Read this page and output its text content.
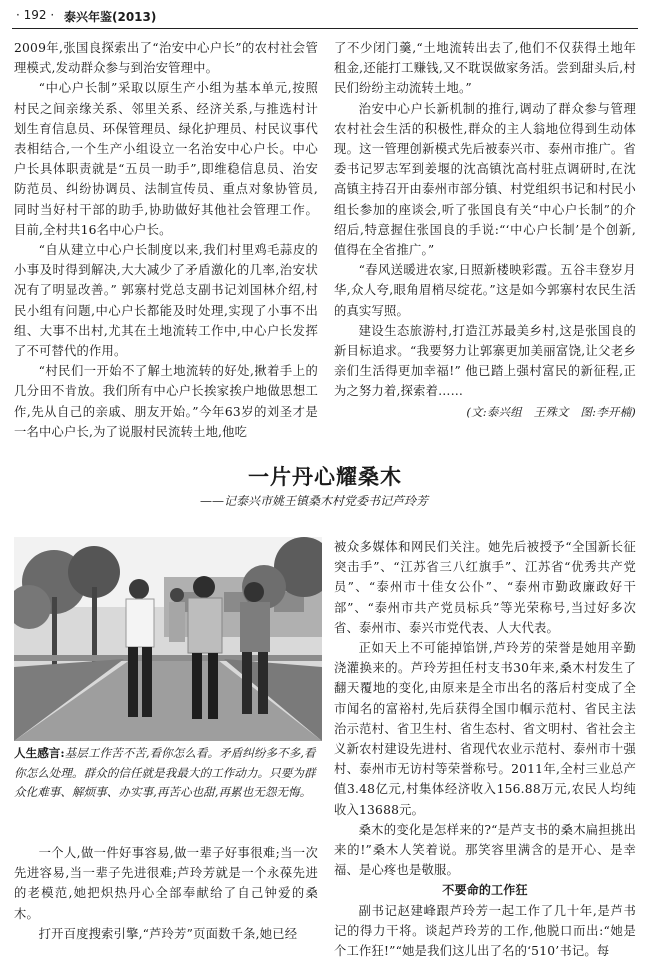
· 192 · 泰兴年鉴(2013)

2009年,张国良探索出了“治安中心户长”的农村社会管理模式,发动群众参与到治安管理中。

“中心户长制”采取以原生产小组为基本单元,按照村民之间亲缘关系、邻里关系、经济关系,与推选村计划生育信息员、环保管理员、绿化护理员、村民议事代表相结合,一个生产小组设立一名治安中心户长。中心户长具体职责就是“五员一助手”,即维稳信息员、治安防范员、纠纷协调员、法制宣传员、重点对象协管员,同时当好村干部的助手,协助做好其他社会管理工作。目前,全村共16名中心户长。

“自从建立中心户长制度以来,我们村里鸡毛蒜皮的小事及时得到解决,大大减少了矛盾激化的几率,治安状况有了明显改善。” 郭寨村党总支副书记刘国林介绍,村民小组有问题,中心户长都能及时处理,实现了小事不出组、大事不出村,尤其在土地流转工作中,中心户长发挥了不可替代的作用。

“村民们一开始不了解土地流转的好处,揪着手上的几分田不肯放。我们所有中心户长挨家挨户地做思想工作,先从自己的亲戚、朋友开始。”今年63岁的刘圣才是一名中心户长,为了说服村民流转土地,他吃

了不少闭门羹,“土地流转出去了,他们不仅获得土地年租金,还能打工赚钱,又不耽误做家务活。尝到甜头后,村民们纷纷主动流转土地。”

治安中心户长新机制的推行,调动了群众参与管理农村社会生活的积极性,群众的主人翁地位得到生动体现。这一管理创新模式先后被泰兴市、泰州市推广。省委书记罗志军到姜堰的沈高镇沈高村驻点调研时,在沈高镇主持召开由泰州市部分镇、村党组织书记和村民小组长参加的座谈会,听了张国良有关“中心户长制”的介绍后,特意握住张国良的手说:“‘中心户长制’是个创新,值得在全省推广。”

“春风送暖进农家,日照新楼映彩霞。五谷丰登岁月华,众人夸,眼角眉梢尽绽花。”这是如今郭寨村农民生活的真实写照。

建设生态旅游村,打造江苏最美乡村,这是张国良的新目标追求。“我要努力让郭寨更加美丽富饶,让父老乡亲们生活得更加幸福!” 他已踏上强村富民的新征程,正为之努力着,探索着……

(文:泰兴组　王殊文　图:李开楠)
一片丹心耀桑木
——记泰兴市姚王镇桑木村党委书记芦玲芳
人生感言:基层工作苦不苦,看你怎么看。矛盾纠纷多不多,看你怎么处理。群众的信任就是我最大的工作动力。只要为群众化难事、解烦事、办实事,再苦心也甜,再累也无怨无悔。

一个人,做一件好事容易,做一辈子好事很难;当一次先进容易,当一辈子先进很难;芦玲芳就是一个永葆先进的老模范,她把炽热丹心全部奉献给了自己钟爱的桑木。

打开百度搜索引擎,“芦玲芳”页面数千条,她已经

被众多媒体和网民们关注。她先后被授予“全国新长征突击手”、“江苏省三八红旗手”、江苏省“优秀共产党员”、“泰州市十佳女公仆”、“泰州市勤政廉政好干部”、“泰州市共产党员标兵”等光荣称号,当过好多次省、泰州市、泰兴市党代表、人大代表。

正如天上不可能掉馅饼,芦玲芳的荣誉是她用辛勤浇灌换来的。芦玲芳担任村支书30年来,桑木村发生了翻天覆地的变化,由原来是全市出名的落后村变成了全市闻名的富裕村,先后获得全国巾帼示范村、省民主法治示范村、省卫生村、省生态村、省文明村、省社会主义新农村建设先进村、省现代农业示范村、泰州市十强村、泰州市无访村等荣誉称号。2011年,全村三业总产值3.48亿元,村集体经济收入156.88万元,农民人均纯收入13688元。

桑木的变化是怎样来的?“是芦支书的桑木扁担挑出来的!”桑木人笑着说。那笑容里满含的是开心、是幸福、是心疼也是敬服。

不要命的工作狂

副书记赵建峰跟芦玲芳一起工作了几十年,是芦书记的得力干将。谈起芦玲芳的工作,他脱口而出:“她是个工作狂!”“她是我们这儿出了名的‘510’书记。每
